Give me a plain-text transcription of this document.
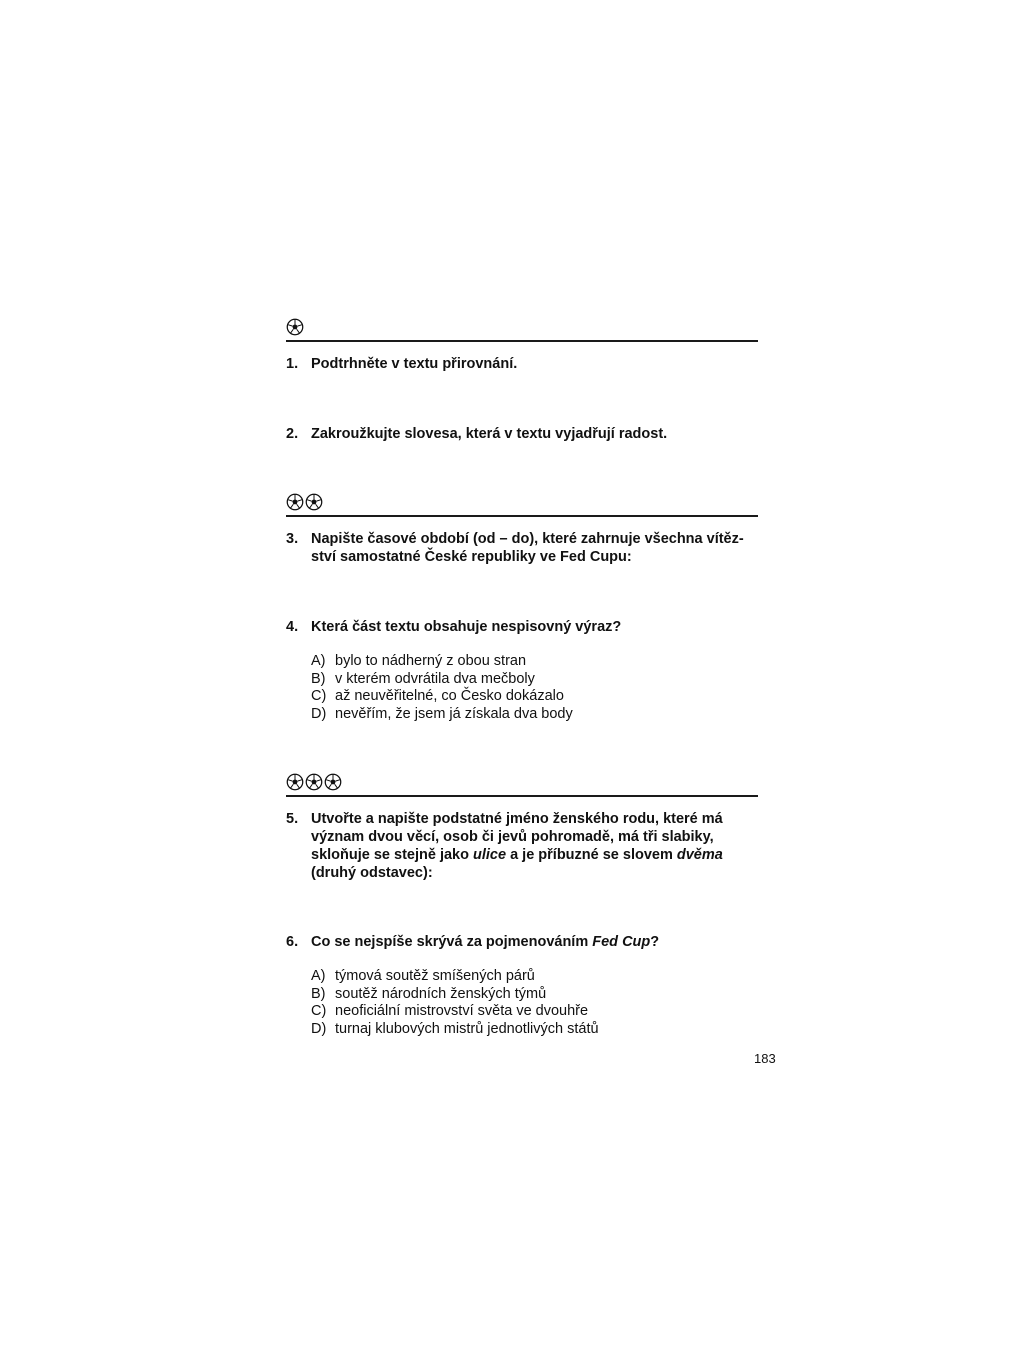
1. Podtrhněte v textu přirovnání.
2. Zakroužkujte slovesa, která v textu vyjadřují radost.
3. Napište časové období (od – do), které zahrnuje všechna vítěz-
ství samostatné České republiky ve Fed Cupu:
4. Která část textu obsahuje nespisovný výraz?
A) bylo to nádherný z obou stran
B) v kterém odvrátila dva mečboly
C) až neuvěřitelné, co Česko dokázalo
D) nevěřím, že jsem já získala dva body
5. Utvořte a napište podstatné jméno ženského rodu, které má
význam dvou věcí, osob či jevů pohromadě, má tři slabiky,
skloňuje se stejně jako ulice a je příbuzné se slovem dvěma
(druhý odstavec):
6. Co se nejspíše skrývá za pojmenováním Fed Cup?
A) týmová soutěž smíšených párů
B) soutěž národních ženských týmů
C) neoficiální mistrovství světa ve dvouhře
D) turnaj klubových mistrů jednotlivých států
183
